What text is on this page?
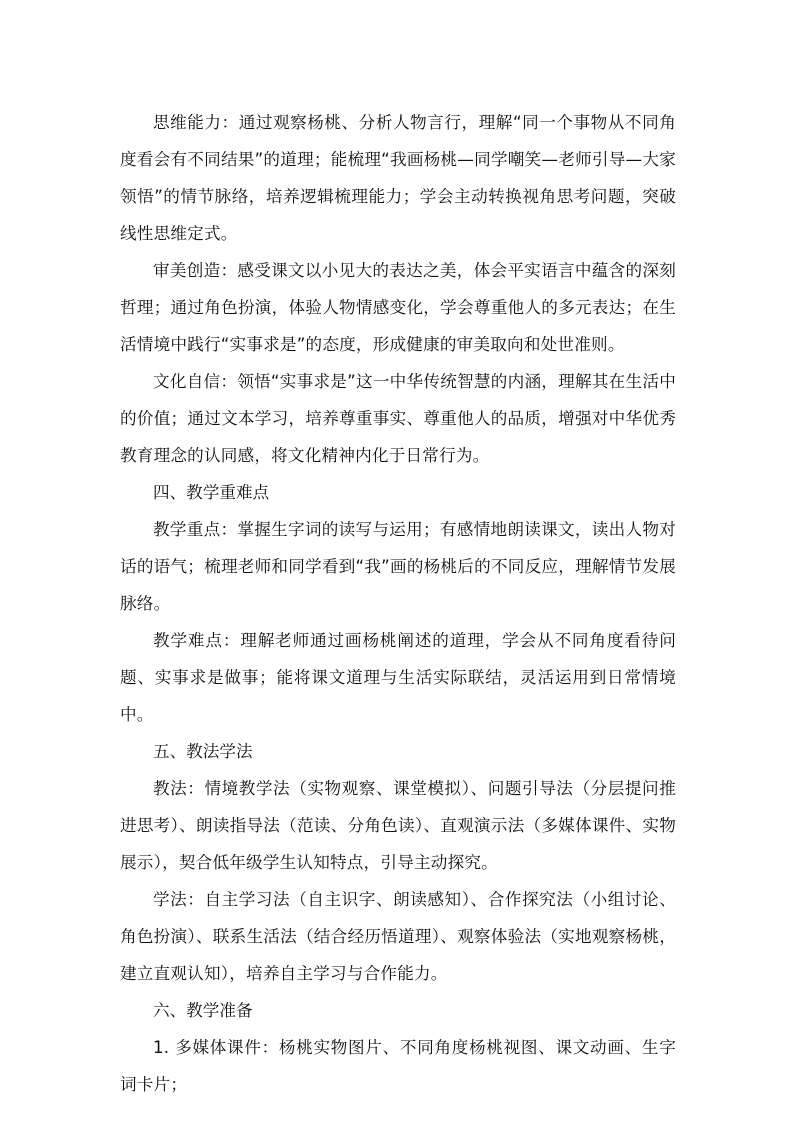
思维能力：通过观察杨桃、分析人物言行，理解“同一个事物从不同角度看会有不同结果”的道理；能梳理“我画杨桃—同学嘲笑—老师引导—大家领悟”的情节脉络，培养逻辑梳理能力；学会主动转换视角思考问题，突破线性思维定式。

审美创造：感受课文以小见大的表达之美，体会平实语言中蕴含的深刻哲理；通过角色扮演，体验人物情感变化，学会尊重他人的多元表达；在生活情境中践行“实事求是”的态度，形成健康的审美取向和处世准则。

文化自信：领悟“实事求是”这一中华传统智慧的内涵，理解其在生活中的价值；通过文本学习，培养尊重事实、尊重他人的品质，增强对中华优秀教育理念的认同感，将文化精神内化于日常行为。

四、教学重难点

教学重点：掌握生字词的读写与运用；有感情地朗读课文，读出人物对话的语气；梳理老师和同学看到“我”画的杨桃后的不同反应，理解情节发展脉络。

教学难点：理解老师通过画杨桃阐述的道理，学会从不同角度看待问题、实事求是做事；能将课文道理与生活实际联结，灵活运用到日常情境中。

五、教法学法

教法：情境教学法（实物观察、课堂模拟）、问题引导法（分层提问推进思考）、朗读指导法（范读、分角色读）、直观演示法（多媒体课件、实物展示），契合低年级学生认知特点，引导主动探究。

学法：自主学习法（自主识字、朗读感知）、合作探究法（小组讨论、角色扮演）、联系生活法（结合经历悟道理）、观察体验法（实地观察杨桃，建立直观认知），培养自主学习与合作能力。

六、教学准备

1. 多媒体课件：杨桃实物图片、不同角度杨桃视图、课文动画、生字词卡片；
